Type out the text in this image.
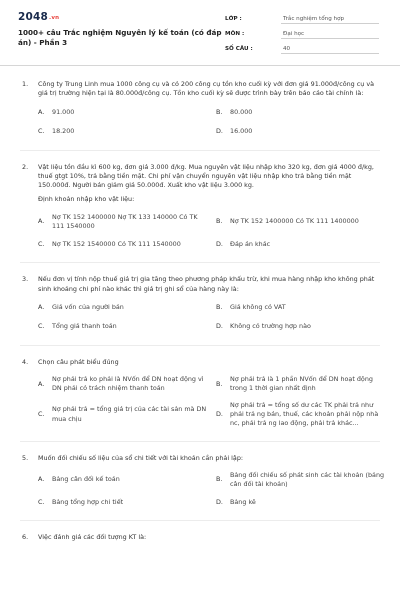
2048.vn
1000+ câu Trắc nghiệm Nguyên lý kế toán (có đáp án) - Phần 3
LỚP :	Trắc nghiệm tổng hợp
MÔN :	Đại học
SỐ CÂU :	40
1. Công ty Trung Linh mua 1000 công cụ và có 200 công cụ tồn kho cuối kỳ với đơn giá 91.000đ/công cụ và giá trị trường hiện tại là 80.000đ/công cụ. Tồn kho cuối kỳ sẽ được trình bày trên báo cáo tài chính là:
A.	91.000	B.	80.000
C.	18.200	D.	16.000
2. Vật liệu tồn đầu kì 600 kg, đơn giá 3.000 đ/kg. Mua nguyên vật liệu nhập kho 320 kg, đơn giá 4000 đ/kg, thuế gtgt 10%, trả bằng tiền mặt. Chi phí vận chuyển nguyên vật liệu nhập kho trả bằng tiền mặt 150.000đ. Người bán giảm giá 50.000đ. Xuất kho vật liệu 3.000 kg.
Định khoản nhập kho vật liệu:
A.
Nợ TK 152 1400000 Nợ TK 133 140000 Có TK 111 1540000
B.	Nợ TK 152 1400000 Có TK 111 1400000
C.	Nợ TK 152 1540000 Có TK 111 1540000	D.	Đáp án khác
3. Nếu đơn vị tính nộp thuế giá trị gia tăng theo phương pháp khấu trừ, khi mua hàng nhập kho không phát sinh khoảng chi phí nào khác thì giá trị ghi sổ của hàng này là:
A.	Giá vốn của người bán	B.	Giá không có VAT
C.	Tổng giá thanh toán	D.	Không có trường hợp nào
4. Chọn câu phát biểu đúng
A.
Nợ phải trả ko phải là NVốn để DN hoạt động vì DN phải có trách nhiệm thanh toán
B.
Nợ phải trả là 1 phần NVốn để DN hoạt động trong 1 thời gian nhất định
C.
Nợ phải trả = tổng giá trị của các tài sản mà DN mua chịu
D.
Nợ phải trả = tổng số dư các TK phải trả như phải trả ng bán, thuế, các khoản phải nộp nhà nc, phải trả ng lao động, phải trả khác...
5. Muốn đối chiếu số liệu của sổ chi tiết với tài khoản cần phải lập:
A.	Bảng cân đối kế toán	B.
Bảng đối chiếu số phát sinh các tài khoản (bảng cân đối tài khoản)
C.	Bảng tổng hợp chi tiết	D.	Bảng kê
6. Việc đánh giá các đối tượng KT là:
